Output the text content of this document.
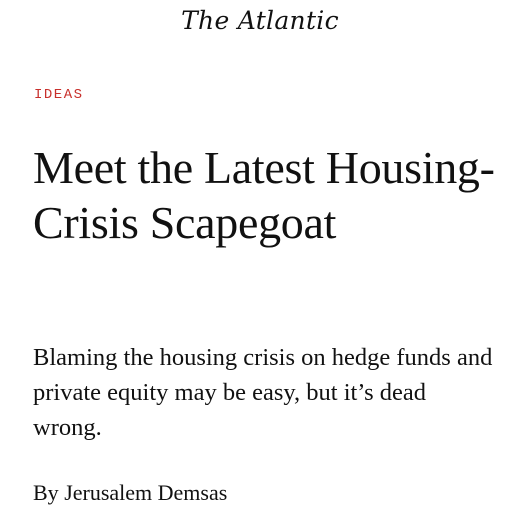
The Atlantic
IDEAS
Meet the Latest Housing-Crisis Scapegoat

Blaming the housing crisis on hedge funds and private equity may be easy, but it’s dead wrong.

By Jerusalem Demsas
